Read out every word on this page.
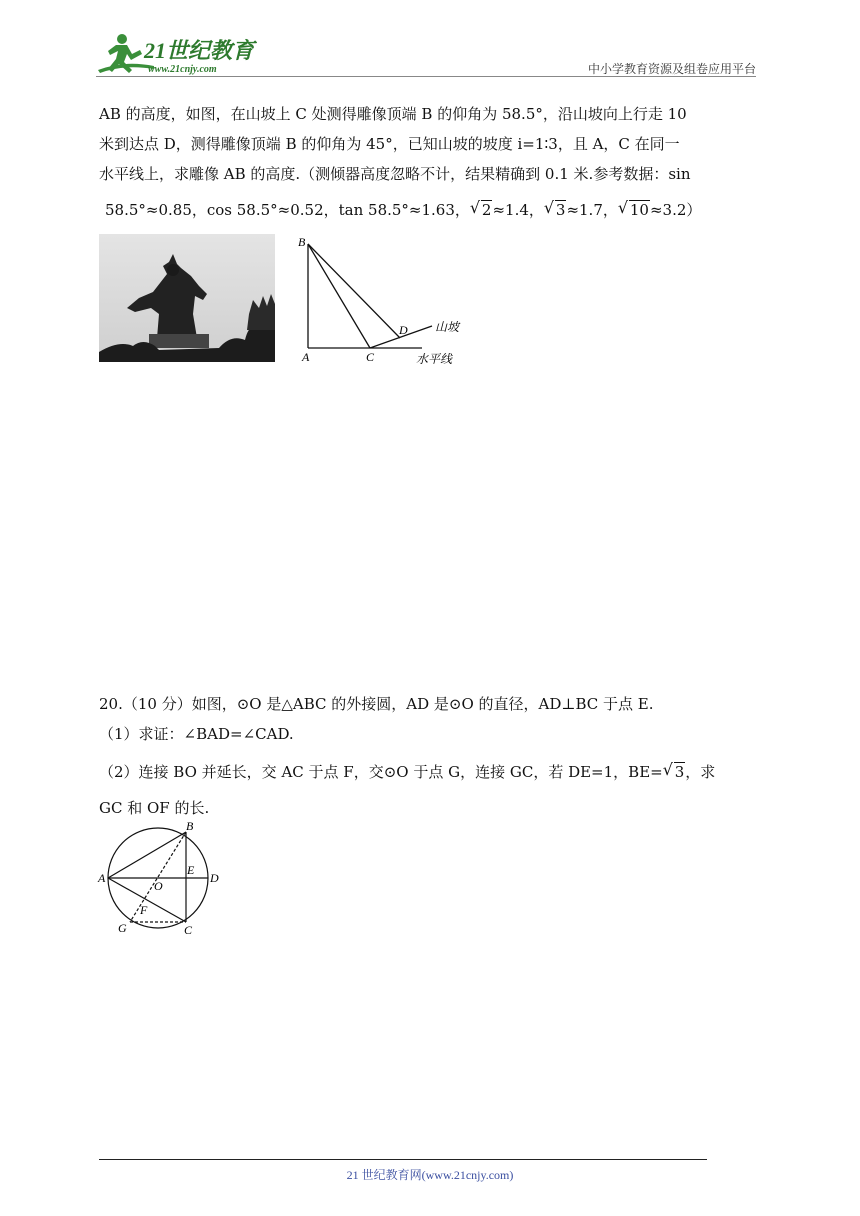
21世纪教育
www.21cnjy.com	中小学教育资源及组卷应用平台
AB 的高度，如图，在山坡上 C 处测得雕像顶端 B 的仰角为 58.5°，沿山坡向上行走 10
米到达点 D，测得雕像顶端 B 的仰角为 45°，已知山坡的坡度 i=1∶3，且 A，C 在同一
水平线上，求雕像 AB 的高度.（测倾器高度忽略不计，结果精确到 0.1 米.参考数据：sin
58.5°≈0.85，cos 58.5°≈0.52，tan 58.5°≈1.63， √ 2≈1.4， √ 3≈1.7， √ 10≈3.2）
B
A	C
D 山坡
水平线
20.（10 分）如图，⊙O 是△ABC 的外接圆，AD 是⊙O 的直径，AD⊥BC 于点 E.
（1）求证：∠BAD=∠CAD.
（2）连接 BO 并延长，交 AC 于点 F，交⊙O 于点 G，连接 GC，若 DE=1，BE= √ 3，求
GC 和 OF 的长.
B
A
E
O
D
F
G	C
21 世纪教育网(www.21cnjy.com)
